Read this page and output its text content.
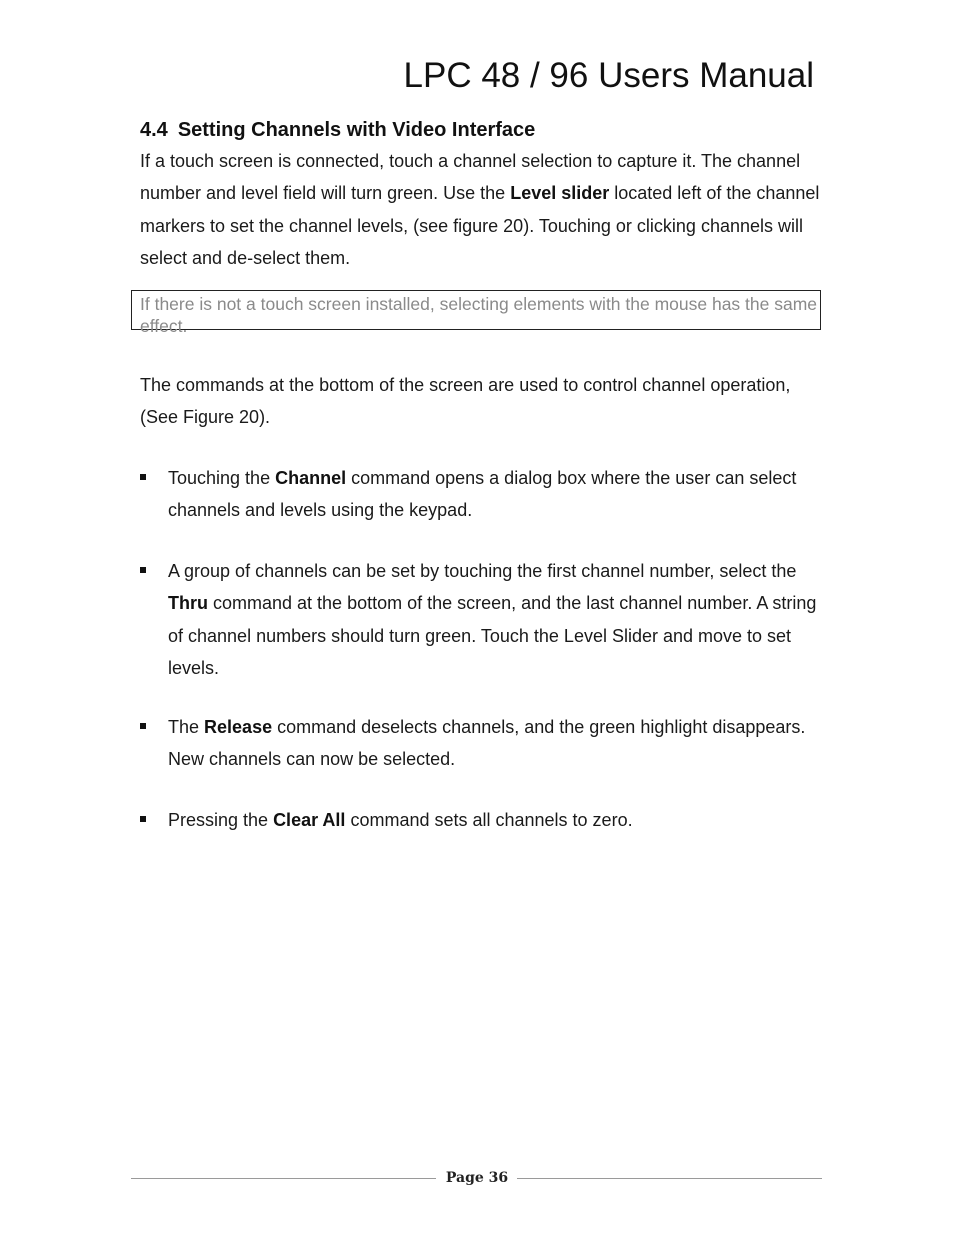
LPC 48 / 96 Users Manual
4.4 Setting Channels with Video Interface

If a touch screen is connected, touch a channel selection to capture it. The channel number and level field will turn green. Use the Level slider located left of the channel markers to set the channel levels, (see figure 20). Touching or clicking channels will select and de-select them.

If there is not a touch screen installed, selecting elements with the mouse has the same effect.

The commands at the bottom of the screen are used to control channel operation, (See Figure 20).

Touching the Channel command opens a dialog box where the user can select channels and levels using the keypad.
A group of channels can be set by touching the first channel number, select the Thru command at the bottom of the screen, and the last channel number. A string of channel numbers should turn green. Touch the Level Slider and move to set levels.
The Release command deselects channels, and the green highlight disappears. New channels can now be selected.
Pressing the Clear All command sets all channels to zero.
Page 36
